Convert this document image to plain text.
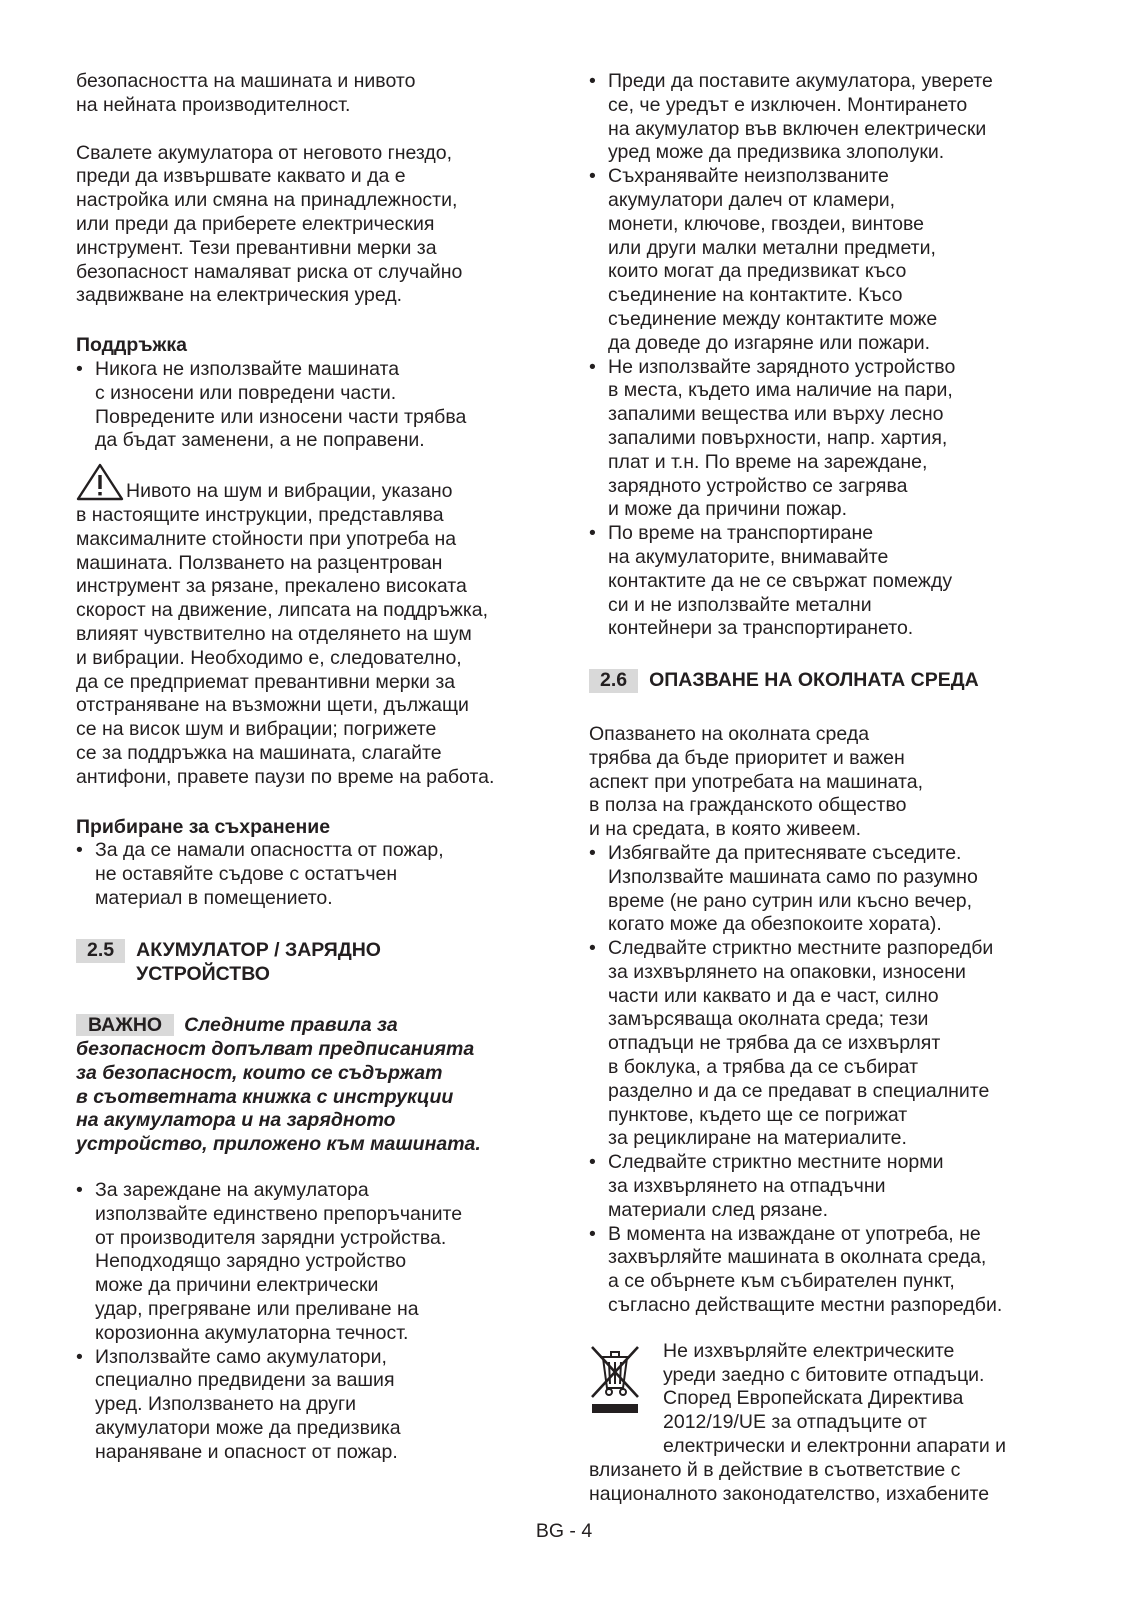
безопасността на машината и нивото
на нейната производителност.
Свалете акумулатора от неговото гнездо,
преди да извършвате каквато и да е
настройка или смяна на принадлежности,
или преди да приберете електрическия
инструмент. Тези превантивни мерки за
безопасност намаляват риска от случайно
задвижване на електрическия уред.
Поддръжка
• Никога не използвайте машината
с износени или повредени части.
Повредените или износени части трябва
да бъдат заменени, а не поправени.
Нивото на шум и вибрации, указано
в настоящите инструкции, представлява
максималните стойности при употреба на
машината. Ползването на разцентрован
инструмент за рязане, прекалено високата
скорост на движение, липсата на поддръжка,
влияят чувствително на отделянето на шум
и вибрации. Необходимо е, следователно,
да се предприемат превантивни мерки за
отстраняване на възможни щети, дължащи
се на висок шум и вибрации; погрижете
се за поддръжка на машината, слагайте
антифони, правете паузи по време на работа.
Прибиране за съхранение
• За да се намали опасността от пожар,
не оставяйте съдове с остатъчен
материал в помещението.
2.5	АКУМУЛАТОР / ЗАРЯДНО
УСТРОЙСТВО
ВАЖНО Следните правила за
безопасност допълват предписанията
за безопасност, които се съдържат
в съответната книжка с инструкции
на акумулатора и на зарядното
устройство, приложено към машината.
• За зареждане на акумулатора
използвайте единствено препоръчаните
от производителя зарядни устройства.
Неподходящо зарядно устройство
може да причини електрически
удар, прегряване или преливане на
корозионна акумулаторна течност.
• Използвайте само акумулатори,
специално предвидени за вашия
уред. Използването на други
акумулатори може да предизвика
нараняване и опасност от пожар.
• Преди да поставите акумулатора, уверете
се, че уредът е изключен. Монтирането
на акумулатор във включен електрически
уред може да предизвика злополуки.
• Съхранявайте неизползваните
акумулатори далеч от кламери,
монети, ключове, гвоздеи, винтове
или други малки метални предмети,
които могат да предизвикат късо
съединение на контактите. Късо
съединение между контактите може
да доведе до изгаряне или пожари.
• Не използвайте зарядното устройство
в места, където има наличие на пари,
запалими вещества или върху лесно
запалими повърхности, напр. хартия,
плат и т.н. По време на зареждане,
зарядното устройство се загрява
и може да причини пожар.
• По време на транспортиране
на акумулаторите, внимавайте
контактите да не се свържат помежду
си и не използвайте метални
контейнери за транспортирането.
2.6	ОПАЗВАНЕ НА ОКОЛНАТА СРЕДА
Опазването на околната среда
трябва да бъде приоритет и важен
аспект при употребата на машината,
в полза на гражданското общество
и на средата, в която живеем.
• Избягвайте да притеснявате съседите.
Използвайте машината само по разумно
време (не рано сутрин или късно вечер,
когато може да обезпокоите хората).
• Следвайте стриктно местните разпоредби
за изхвърлянето на опаковки, износени
части или каквато и да е част, силно
замърсяваща околната среда; тези
отпадъци не трябва да се изхвърлят
в боклука, а трябва да се събират
разделно и да се предават в специалните
пунктове, където ще се погрижат
за рециклиране на материалите.
• Следвайте стриктно местните норми
за изхвърлянето на отпадъчни
материали след рязане.
• В момента на изваждане от употреба, не
захвърляйте машината в околната среда,
а се обърнете към събирателен пункт,
съгласно действащите местни разпоредби.
Не изхвърляйте електрическите
уреди заедно с битовите отпадъци.
Според Европейската Директива
2012/19/UE за отпадъците от
електрически и електронни апарати и
влизането й в действие в съответствие с
националното законодателство, изхабените
BG - 4
